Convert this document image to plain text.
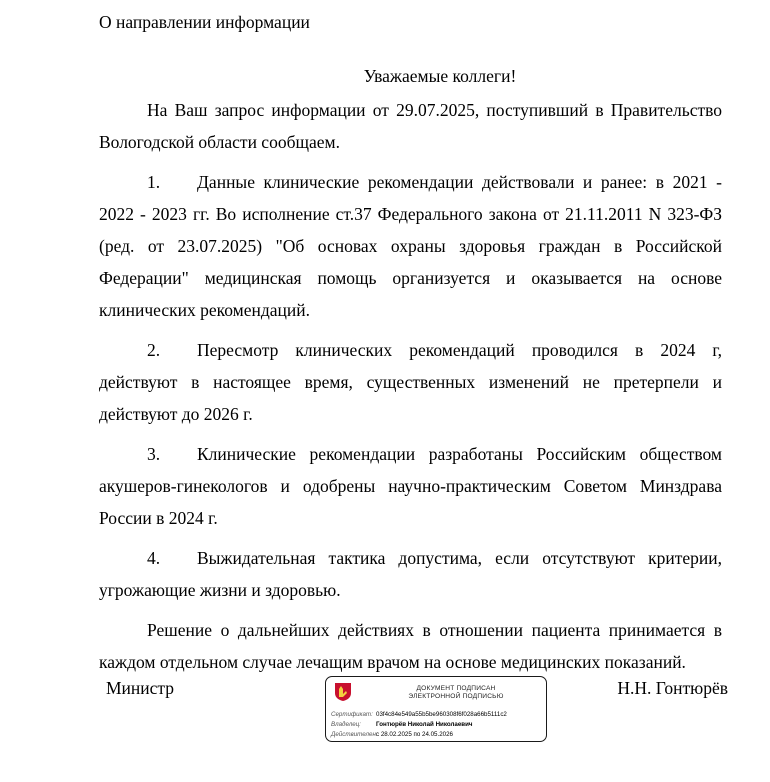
О направлении информации
Уважаемые коллеги!

На Ваш запрос информации от 29.07.2025, поступивший в Правительство Вологодской области сообщаем.

1. Данные клинические рекомендации действовали и ранее: в 2021 - 2022 - 2023 гг. Во исполнение ст.37 Федерального закона от 21.11.2011 N 323-ФЗ (ред. от 23.07.2025) "Об основах охраны здоровья граждан в Российской Федерации" медицинская помощь организуется и оказывается на основе клинических рекомендаций.

2. Пересмотр клинических рекомендаций проводился в 2024 г, действуют в настоящее время, существенных изменений не претерпели и действуют до 2026 г.

3. Клинические рекомендации разработаны Российским обществом акушеров-гинекологов и одобрены научно-практическим Советом Минздрава России в 2024 г.

4. Выжидательная тактика допустима, если отсутствуют критерии, угрожающие жизни и здоровью.

Решение о дальнейших действиях в отношении пациента принимается в каждом отдельном случае лечащим врачом на основе медицинских показаний.

Министр	ДОКУМЕНТ ПОДПИСАН
ЭЛЕКТРОННОЙ ПОДПИСЬЮ
Сертификат: 03f4c84e549a55b5be960308f6f028a66b5111c2
Владелец: Гонтюрёв Николай Николаевич
Действителен:с 28.02.2025 по 24.05.2026
Н.Н. Гонтюрёв
